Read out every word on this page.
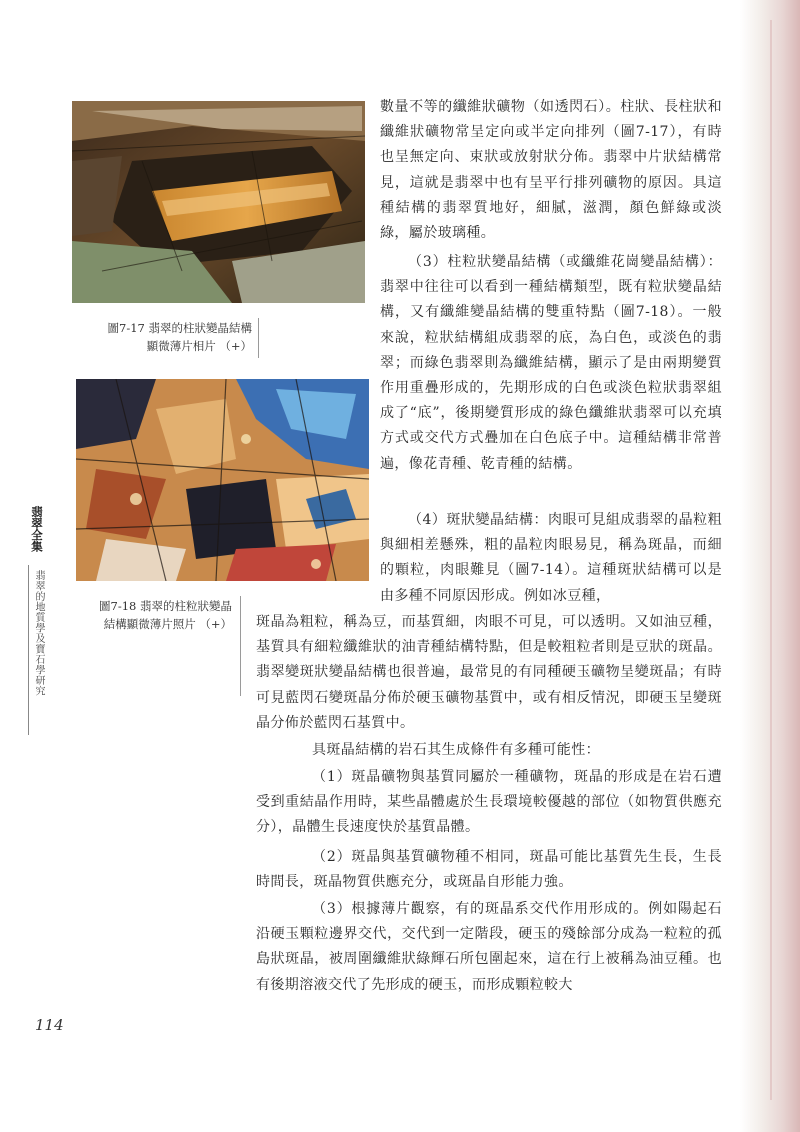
圖7-17 翡翠的柱狀變晶結構
顯微薄片相片 （+）
圖7-18 翡翠的柱粒狀變晶
結構顯微薄片照片 （+）
翡翠全集
翡翠的地質學及寶石學研究

數量不等的纖維狀礦物（如透閃石）。柱狀、長柱狀和纖維狀礦物常呈定向或半定向排列（圖7-17），有時也呈無定向、束狀或放射狀分佈。翡翠中片狀結構常見，這就是翡翠中也有呈平行排列礦物的原因。具這種結構的翡翠質地好，細膩，滋潤，顏色鮮綠或淡綠，屬於玻璃種。

（3）柱粒狀變晶結構（或纖維花崗變晶結構）：翡翠中往往可以看到一種結構類型，既有粒狀變晶結構，又有纖維變晶結構的雙重特點（圖7-18）。一般來說，粒狀結構組成翡翠的底，為白色，或淡色的翡翠；而綠色翡翠則為纖維結構，顯示了是由兩期變質作用重疊形成的，先期形成的白色或淡色粒狀翡翠組成了“底”，後期變質形成的綠色纖維狀翡翠可以充填方式或交代方式疊加在白色底子中。這種結構非常普遍，像花青種、乾青種的結構。

（4）斑狀變晶結構：肉眼可見組成翡翠的晶粒粗與細相差懸殊，粗的晶粒肉眼易見，稱為斑晶，而細的顆粒，肉眼難見（圖7-14）。這種斑狀結構可以是由多種不同原因形成。例如冰豆種，

斑晶為粗粒，稱為豆，而基質細，肉眼不可見，可以透明。又如油豆種，基質具有細粒纖維狀的油青種結構特點，但是較粗粒者則是豆狀的斑晶。翡翠變斑狀變晶結構也很普遍，最常見的有同種硬玉礦物呈變斑晶；有時可見藍閃石變斑晶分佈於硬玉礦物基質中，或有相反情況，即硬玉呈變斑晶分佈於藍閃石基質中。

具斑晶結構的岩石其生成條件有多種可能性：

（1）斑晶礦物與基質同屬於一種礦物，斑晶的形成是在岩石遭受到重結晶作用時，某些晶體處於生長環境較優越的部位（如物質供應充分），晶體生長速度快於基質晶體。

（2）斑晶與基質礦物種不相同，斑晶可能比基質先生長，生長時間長，斑晶物質供應充分，或斑晶自形能力強。

（3）根據薄片觀察，有的斑晶系交代作用形成的。例如陽起石沿硬玉顆粒邊界交代，交代到一定階段，硬玉的殘餘部分成為一粒粒的孤島狀斑晶，被周圍纖維狀綠輝石所包圍起來，這在行上被稱為油豆種。也有後期溶液交代了先形成的硬玉，而形成顆粒較大

114
